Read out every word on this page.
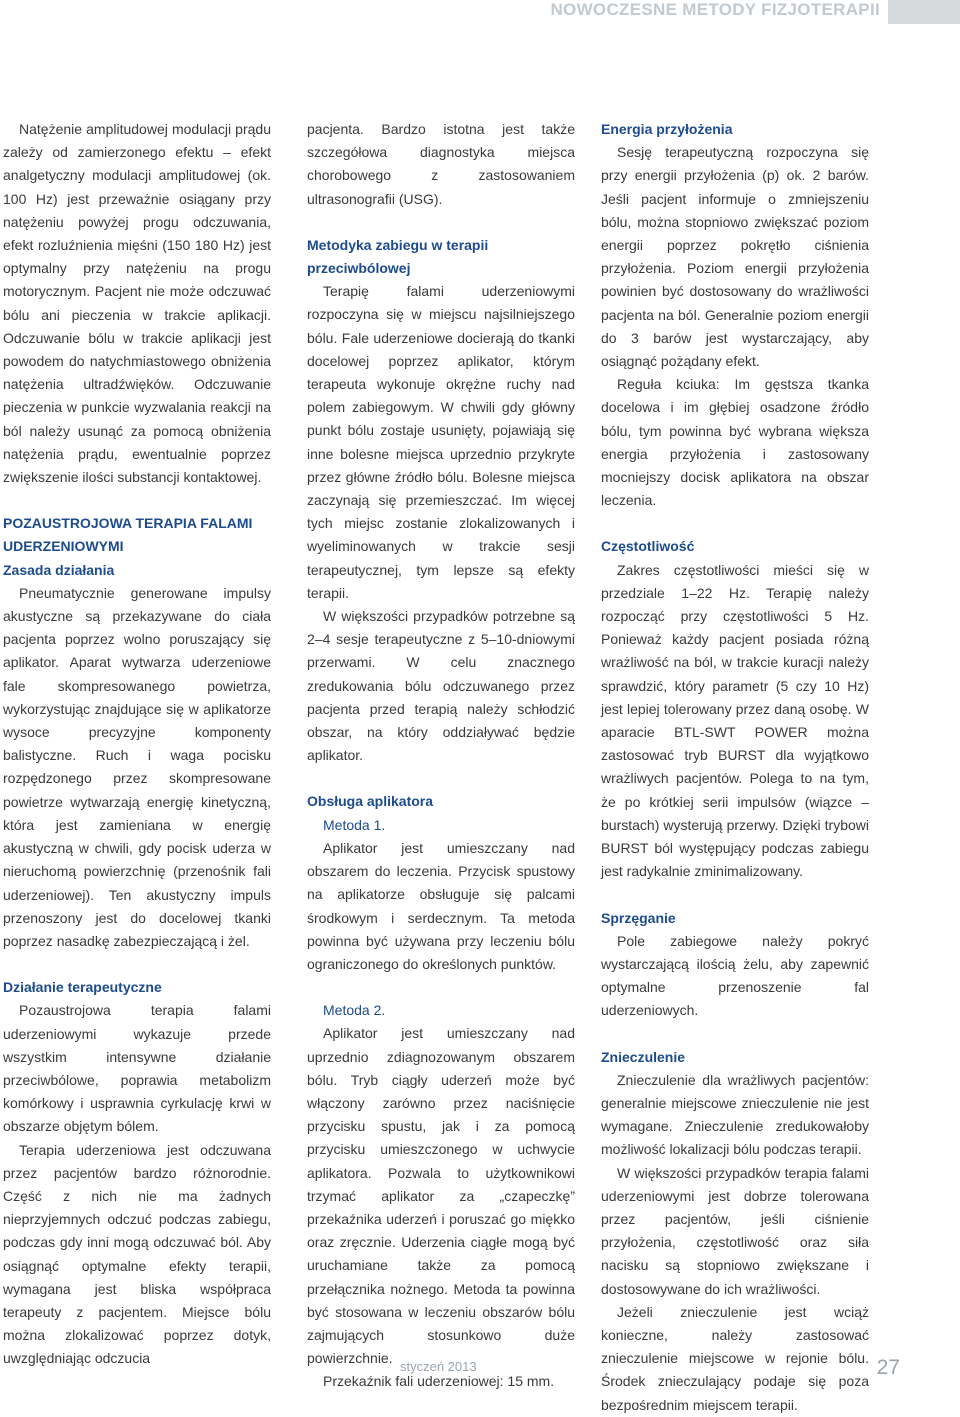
NOWOCZESNE METODY FIZJOTERAPII

Natężenie amplitudowej modulacji prądu zależy od zamierzonego efektu – efekt analgetyczny modulacji amplitudowej (ok. 100 Hz) jest przeważnie osiągany przy natężeniu powyżej progu odczuwania, efekt rozluźnienia mięśni (150 180 Hz) jest optymalny przy natężeniu na progu motorycznym. Pacjent nie może odczuwać bólu ani pieczenia w trakcie aplikacji. Odczuwanie bólu w trakcie aplikacji jest powodem do natychmiastowego obniżenia natężenia ultradźwięków. Odczuwanie pieczenia w punkcie wyzwalania reakcji na ból należy usunąć za pomocą obniżenia natężenia prądu, ewentualnie poprzez zwiększenie ilości substancji kontaktowej.

POZAUSTROJOWA TERAPIA FALAMI
UDERZENIOWYMI
Zasada działania

Pneumatycznie generowane impulsy akustyczne są przekazywane do ciała pacjenta poprzez wolno poruszający się aplikator. Aparat wytwarza uderzeniowe fale skompresowanego powietrza, wykorzystując znajdujące się w aplikatorze wysoce precyzyjne komponenty balistyczne. Ruch i waga pocisku rozpędzonego przez skompresowane powietrze wytwarzają energię kinetyczną, która jest zamieniana w energię akustyczną w chwili, gdy pocisk uderza w nieruchomą powierzchnię (przenośnik fali uderzeniowej). Ten akustyczny impuls przenoszony jest do docelowej tkanki poprzez nasadkę zabezpieczającą i żel.

Działanie terapeutyczne

Pozaustrojowa terapia falami uderzeniowymi wykazuje przede wszystkim intensywne działanie przeciwbólowe, poprawia metabolizm komórkowy i usprawnia cyrkulację krwi w obszarze objętym bólem.

Terapia uderzeniowa jest odczuwana przez pacjentów bardzo różnorodnie. Część z nich nie ma żadnych nieprzyjemnych odczuć podczas zabiegu, podczas gdy inni mogą odczuwać ból. Aby osiągnąć optymalne efekty terapii, wymagana jest bliska współpraca terapeuty z pacjentem. Miejsce bólu można zlokalizować poprzez dotyk, uwzględniając odczucia

pacjenta. Bardzo istotna jest także szczegółowa diagnostyka miejsca chorobowego z zastosowaniem ultrasonografii (USG).

Metodyka zabiegu w terapii
przeciwbólowej

Terapię falami uderzeniowymi rozpoczyna się w miejscu najsilniejszego bólu. Fale uderzeniowe docierają do tkanki docelowej poprzez aplikator, którym terapeuta wykonuje okrężne ruchy nad polem zabiegowym. W chwili gdy główny punkt bólu zostaje usunięty, pojawiają się inne bolesne miejsca uprzednio przykryte przez główne źródło bólu. Bolesne miejsca zaczynają się przemieszczać. Im więcej tych miejsc zostanie zlokalizowanych i wyeliminowanych w trakcie sesji terapeutycznej, tym lepsze są efekty terapii.

W większości przypadków potrzebne są 2–4 sesje terapeutyczne z 5–10-dniowymi przerwami. W celu znacznego zredukowania bólu odczuwanego przez pacjenta przed terapią należy schłodzić obszar, na który oddziaływać będzie aplikator.

Obsługa aplikatora
Metoda 1.

Aplikator jest umieszczany nad obszarem do leczenia. Przycisk spustowy na aplikatorze obsługuje się palcami środkowym i serdecznym. Ta metoda powinna być używana przy leczeniu bólu ograniczonego do określonych punktów.

Metoda 2.

Aplikator jest umieszczany nad uprzednio zdiagnozowanym obszarem bólu. Tryb ciągły uderzeń może być włączony zarówno przez naciśnięcie przycisku spustu, jak i za pomocą przycisku umieszczonego w uchwycie aplikatora. Pozwala to użytkownikowi trzymać aplikator za „czapeczkę” przekaźnika uderzeń i poruszać go miękko oraz zręcznie. Uderzenia ciągłe mogą być uruchamiane także za pomocą przełącznika nożnego. Metoda ta powinna być stosowana w leczeniu obszarów bólu zajmujących stosunkowo duże powierzchnie.

Przekaźnik fali uderzeniowej: 15 mm.

Energia przyłożenia

Sesję terapeutyczną rozpoczyna się przy energii przyłożenia (p) ok. 2 barów. Jeśli pacjent informuje o zmniejszeniu bólu, można stopniowo zwiększać poziom energii poprzez pokrętło ciśnienia przyłożenia. Poziom energii przyłożenia powinien być dostosowany do wrażliwości pacjenta na ból. Generalnie poziom energii do 3 barów jest wystarczający, aby osiągnąć pożądany efekt.

Reguła kciuka: Im gęstsza tkanka docelowa i im głębiej osadzone źródło bólu, tym powinna być wybrana większa energia przyłożenia i zastosowany mocniejszy docisk aplikatora na obszar leczenia.

Częstotliwość

Zakres częstotliwości mieści się w przedziale 1–22 Hz. Terapię należy rozpocząć przy częstotliwości 5 Hz. Ponieważ każdy pacjent posiada różną wrażliwość na ból, w trakcie kuracji należy sprawdzić, który parametr (5 czy 10 Hz) jest lepiej tolerowany przez daną osobę. W aparacie BTL-SWT POWER można zastosować tryb BURST dla wyjątkowo wrażliwych pacjentów. Polega to na tym, że po krótkiej serii impulsów (wiązce – burstach) wysterują przerwy. Dzięki trybowi BURST ból występujący podczas zabiegu jest radykalnie zminimalizowany.

Sprzęganie

Pole zabiegowe należy pokryć wystarczającą ilością żelu, aby zapewnić optymalne przenoszenie fal uderzeniowych.

Znieczulenie

Znieczulenie dla wrażliwych pacjentów: generalnie miejscowe znieczulenie nie jest wymagane. Znieczulenie zredukowałoby możliwość lokalizacji bólu podczas terapii.

W większości przypadków terapia falami uderzeniowymi jest dobrze tolerowana przez pacjentów, jeśli ciśnienie przyłożenia, częstotliwość oraz siła nacisku są stopniowo zwiększane i dostosowywane do ich wrażliwości.

Jeżeli znieczulenie jest wciąż konieczne, należy zastosować znieczulenie miejscowe w rejonie bólu. Środek znieczulający podaje się poza bezpośrednim miejscem terapii.

styczeń 2013	27
